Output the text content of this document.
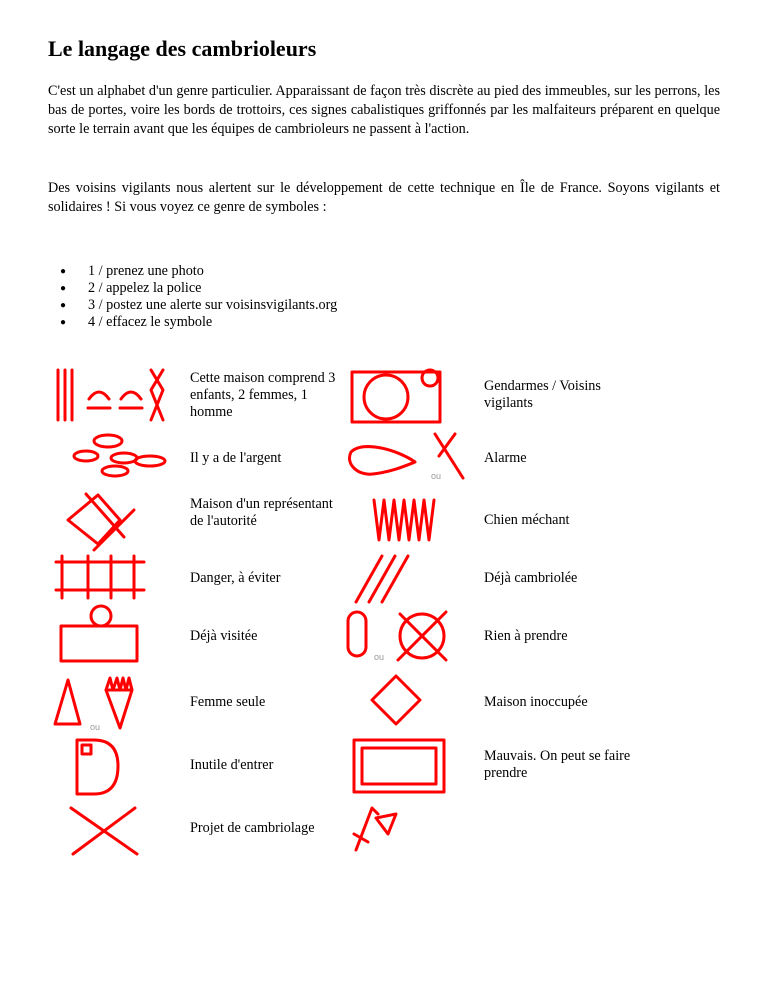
Le langage des cambrioleurs

C'est un alphabet d'un genre particulier. Apparaissant de façon très discrète au pied des immeubles, sur les perrons, les bas de portes, voire les bords de trottoirs, ces signes cabalistiques griffonnés par les malfaiteurs préparent en quelque sorte le terrain avant que les équipes de cambrioleurs ne passent à l'action.

Des voisins vigilants nous alertent sur le développement de cette technique en Île de France. Soyons vigilants et solidaires ! Si vous voyez ce genre de symboles :

● 1 / prenez une photo
● 2 / appelez la police
● 3 / postez une alerte sur voisinsvigilants.org
● 4 / effacez le symbole

Cette maison comprend 3 enfants, 2 femmes, 1 homme

Il y a de l'argent

Maison d'un représentant de l'autorité

Danger, à éviter

Déjà visitée

ou

Femme seule

Inutile d'entrer

Projet de cambriolage

Gendarmes / Voisins vigilants

ou

Alarme

Chien méchant

Déjà cambriolée

ou

Rien à prendre

Maison inoccupée

Mauvais. On peut se faire prendre
